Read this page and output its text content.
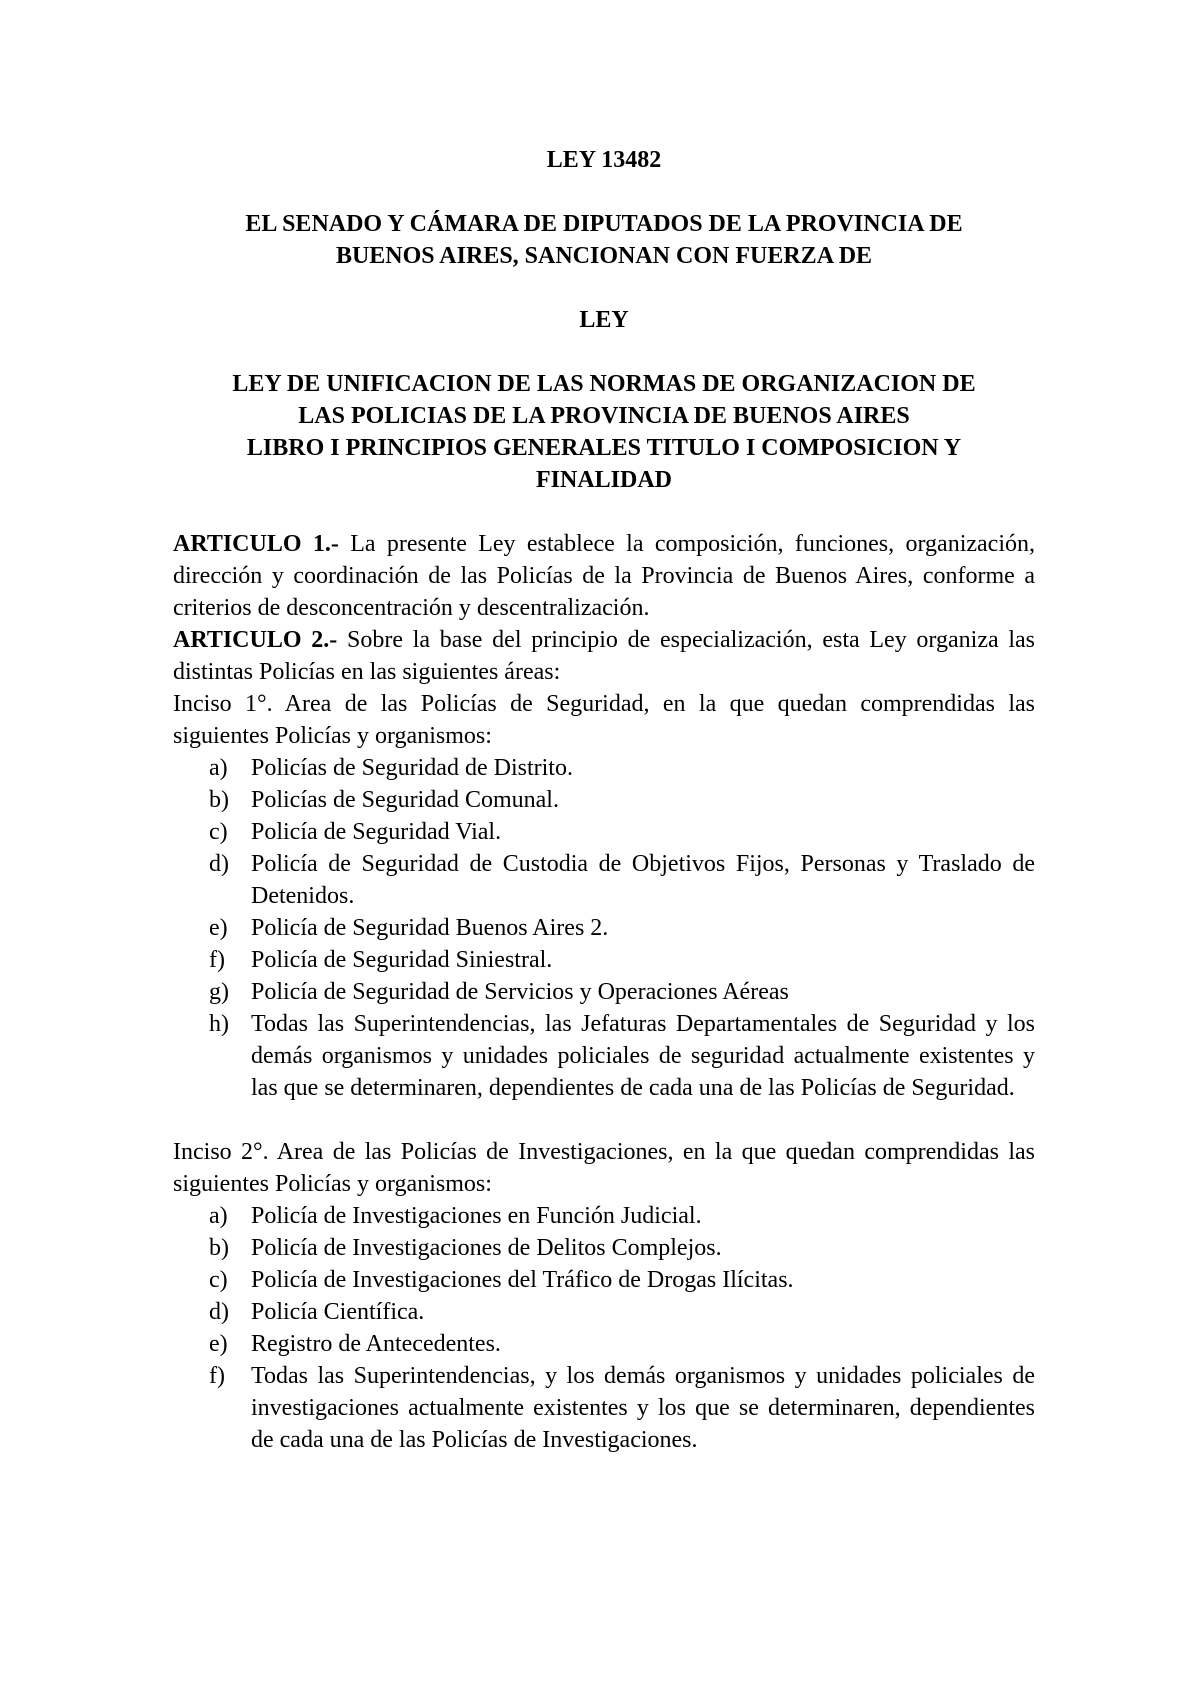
LEY 13482

EL SENADO Y CÁMARA DE DIPUTADOS DE LA PROVINCIA DE

BUENOS AIRES, SANCIONAN CON FUERZA DE

LEY

LEY DE UNIFICACION DE LAS NORMAS DE ORGANIZACION DE

LAS POLICIAS DE LA PROVINCIA DE BUENOS AIRES

LIBRO I PRINCIPIOS GENERALES TITULO I COMPOSICION Y

FINALIDAD

ARTICULO 1.- La presente Ley establece la composición, funciones, organización, dirección y coordinación de las Policías de la Provincia de Buenos Aires, conforme a criterios de desconcentración y descentralización.

ARTICULO 2.- Sobre la base del principio de especialización, esta Ley organiza las distintas Policías en las siguientes áreas:

Inciso 1°. Area de las Policías de Seguridad, en la que quedan comprendidas las siguientes Policías y organismos:

a) Policías de Seguridad de Distrito.
b) Policías de Seguridad Comunal.
c) Policía de Seguridad Vial.
d) Policía de Seguridad de Custodia de Objetivos Fijos, Personas y Traslado de Detenidos.
e) Policía de Seguridad Buenos Aires 2.
f) Policía de Seguridad Siniestral.
g) Policía de Seguridad de Servicios y Operaciones Aéreas
h) Todas las Superintendencias, las Jefaturas Departamentales de Seguridad y los demás organismos y unidades policiales de seguridad actualmente existentes y las que se determinaren, dependientes de cada una de las Policías de Seguridad.

Inciso 2°. Area de las Policías de Investigaciones, en la que quedan comprendidas las siguientes Policías y organismos:

a) Policía de Investigaciones en Función Judicial.
b) Policía de Investigaciones de Delitos Complejos.
c) Policía de Investigaciones del Tráfico de Drogas Ilícitas.
d) Policía Científica.
e) Registro de Antecedentes.
f) Todas las Superintendencias, y los demás organismos y unidades policiales de investigaciones actualmente existentes y los que se determinaren, dependientes de cada una de las Policías de Investigaciones.
